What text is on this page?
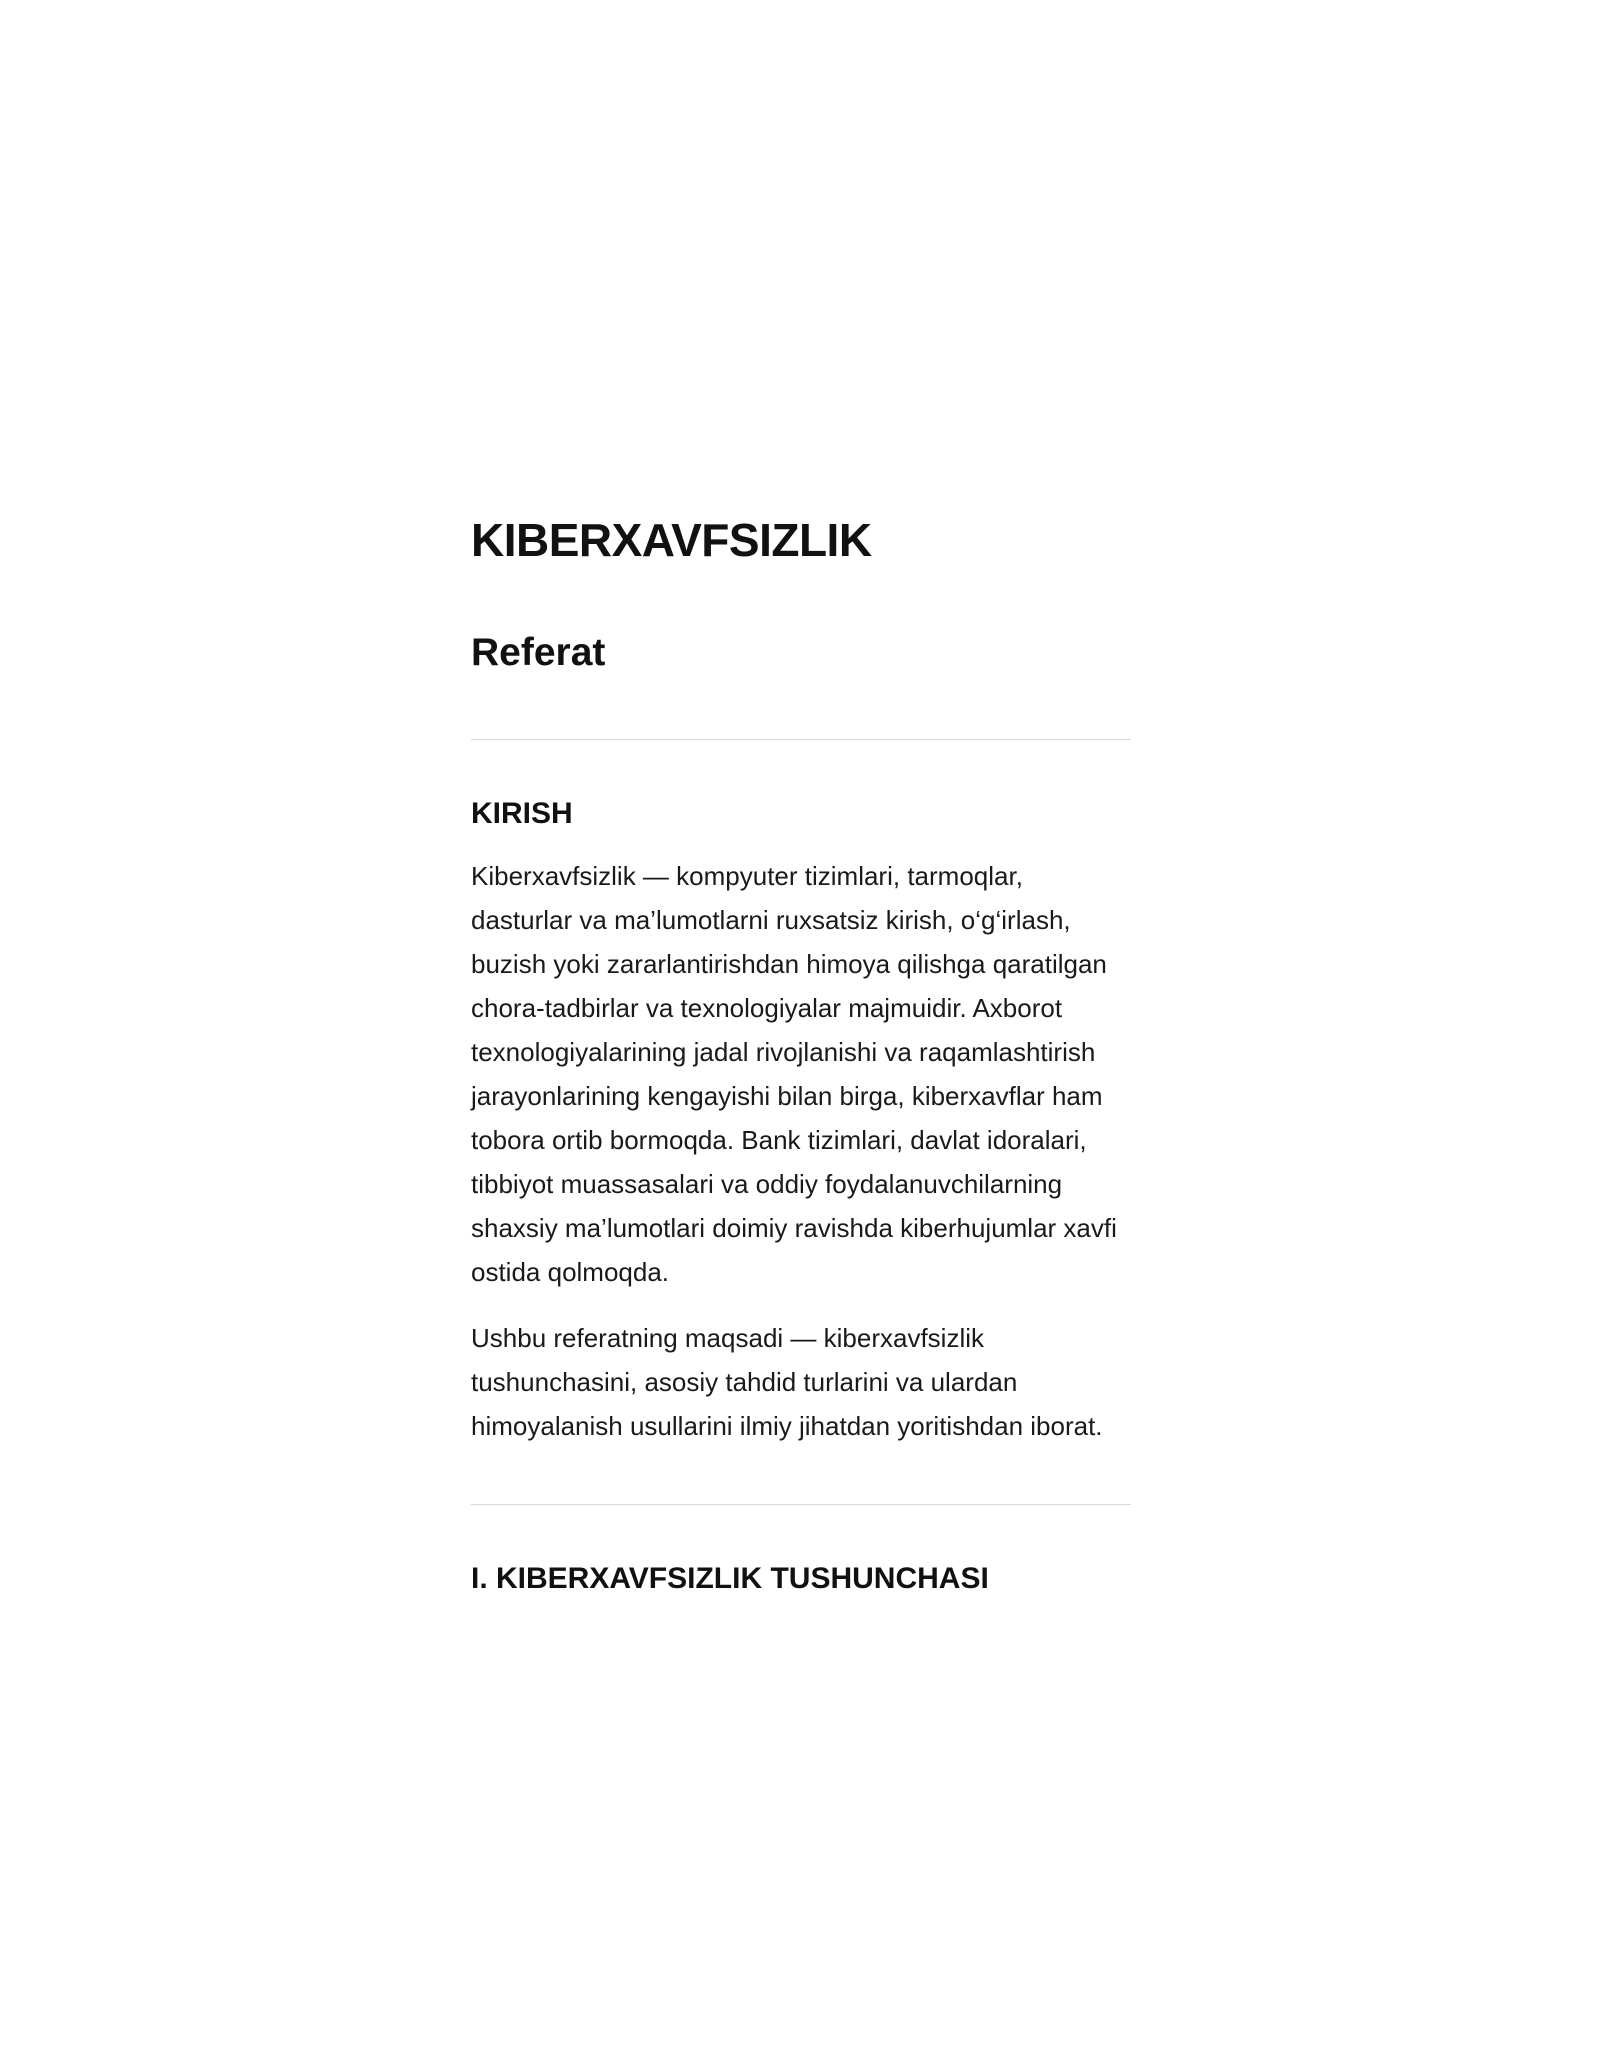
KIBERXAVFSIZLIK
Referat
KIRISH

Kiberxavfsizlik — kompyuter tizimlari, tarmoqlar, dasturlar va ma’lumotlarni ruxsatsiz kirish, o‘g‘irlash, buzish yoki zararlantirishdan himoya qilishga qaratilgan chora-tadbirlar va texnologiyalar majmuidir. Axborot texnologiyalarining jadal rivojlanishi va raqamlashtirish jarayonlarining kengayishi bilan birga, kiberxavflar ham tobora ortib bormoqda. Bank tizimlari, davlat idoralari, tibbiyot muassasalari va oddiy foydalanuvchilarning shaxsiy ma’lumotlari doimiy ravishda kiberhujumlar xavfi ostida qolmoqda.

Ushbu referatning maqsadi — kiberxavfsizlik tushunchasini, asosiy tahdid turlarini va ulardan himoyalanish usullarini ilmiy jihatdan yoritishdan iborat.

I. KIBERXAVFSIZLIK TUSHUNCHASI
